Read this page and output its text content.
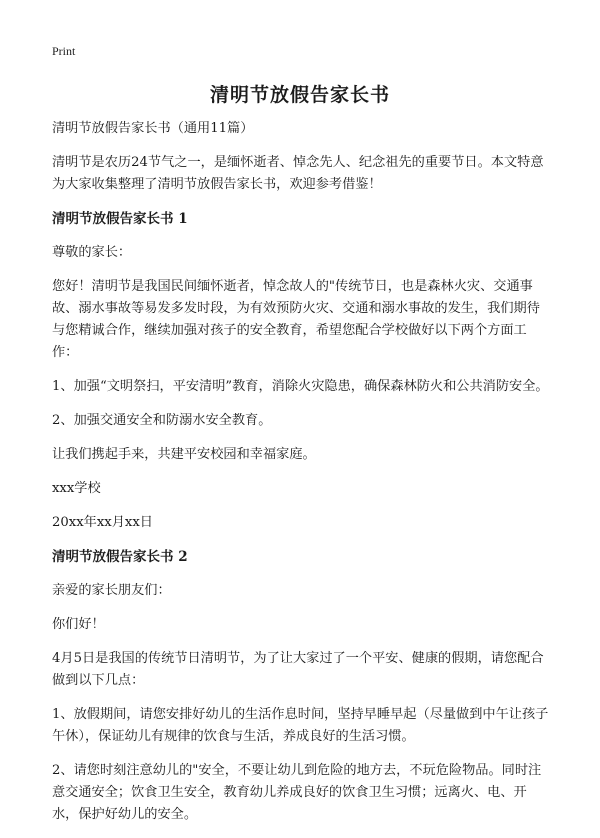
Print
清明节放假告家长书

清明节放假告家长书（通用11篇）

清明节是农历24节气之一，是缅怀逝者、悼念先人、纪念祖先的重要节日。本文特意为大家收集整理了清明节放假告家长书，欢迎参考借鉴！

清明节放假告家长书 1

尊敬的家长：

您好！清明节是我国民间缅怀逝者，悼念故人的"传统节日，也是森林火灾、交通事故、溺水事故等易发多发时段，为有效预防火灾、交通和溺水事故的发生，我们期待与您精诚合作，继续加强对孩子的安全教育，希望您配合学校做好以下两个方面工作：

1、加强“文明祭扫，平安清明”教育，消除火灾隐患，确保森林防火和公共消防安全。

2、加强交通安全和防溺水安全教育。

让我们携起手来，共建平安校园和幸福家庭。

xxx学校

20xx年xx月xx日

清明节放假告家长书 2

亲爱的家长朋友们：

你们好！

4月5日是我国的传统节日清明节，为了让大家过了一个平安、健康的假期，请您配合做到以下几点：

1、放假期间，请您安排好幼儿的生活作息时间，坚持早睡早起（尽量做到中午让孩子午休），保证幼儿有规律的饮食与生活，养成良好的生活习惯。

2、请您时刻注意幼儿的"安全，不要让幼儿到危险的地方去，不玩危险物品。同时注意交通安全；饮食卫生安全，教育幼儿养成良好的饮食卫生习惯；远离火、电、开水，保护好幼儿的安全。
